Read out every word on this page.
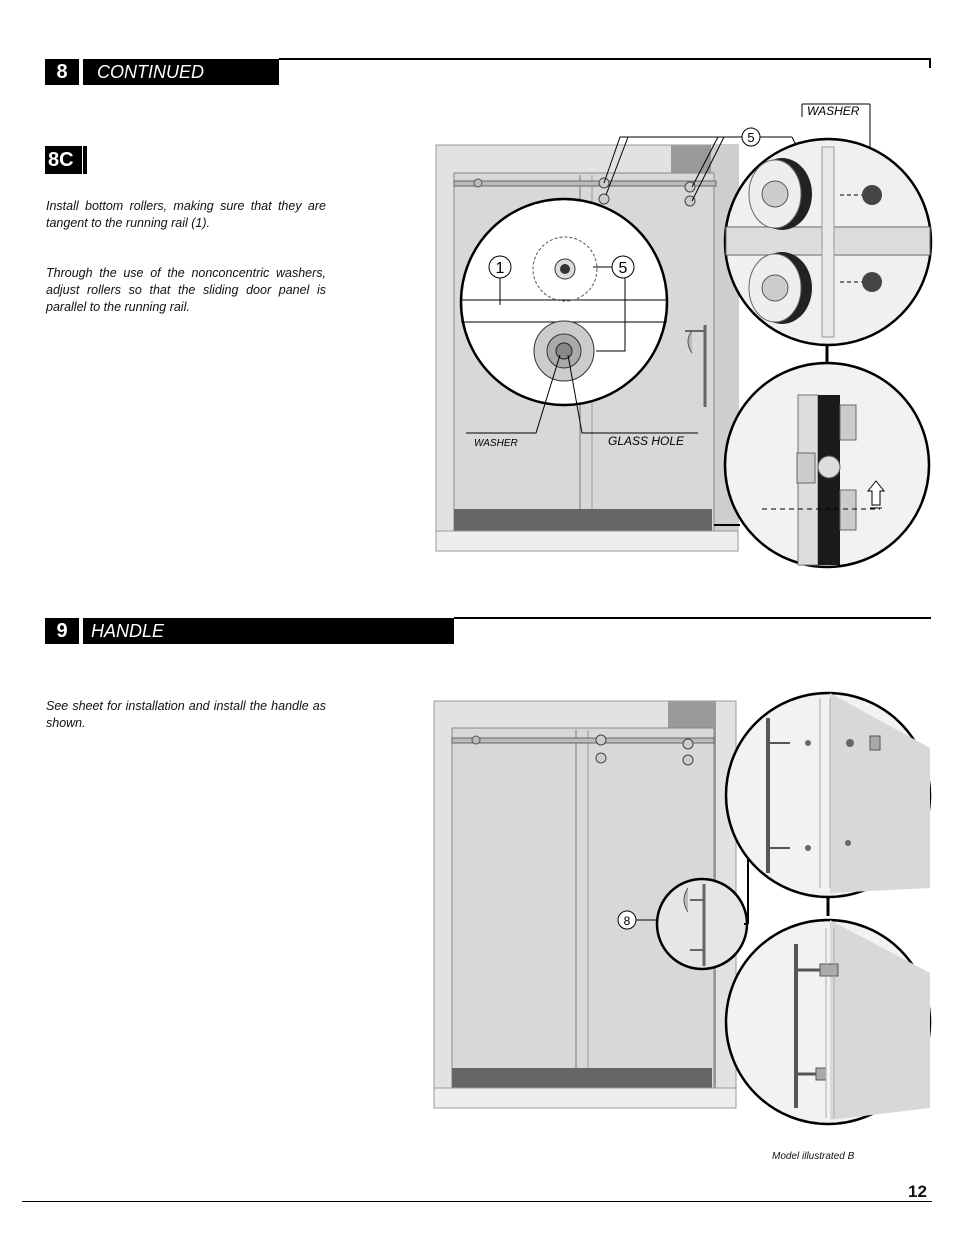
8	CONTINUED
8C
Install bottom rollers, making sure that they are tangent to the running rail (1).
Through the use of the nonconcentric washers, adjust rollers so that the sliding door panel is parallel to the running rail.
5
WASHER
1	5
WASHER	GLASS HOLE
9	HANDLE
See sheet for installation and install the handle as shown.
8
Model illustrated B
12
